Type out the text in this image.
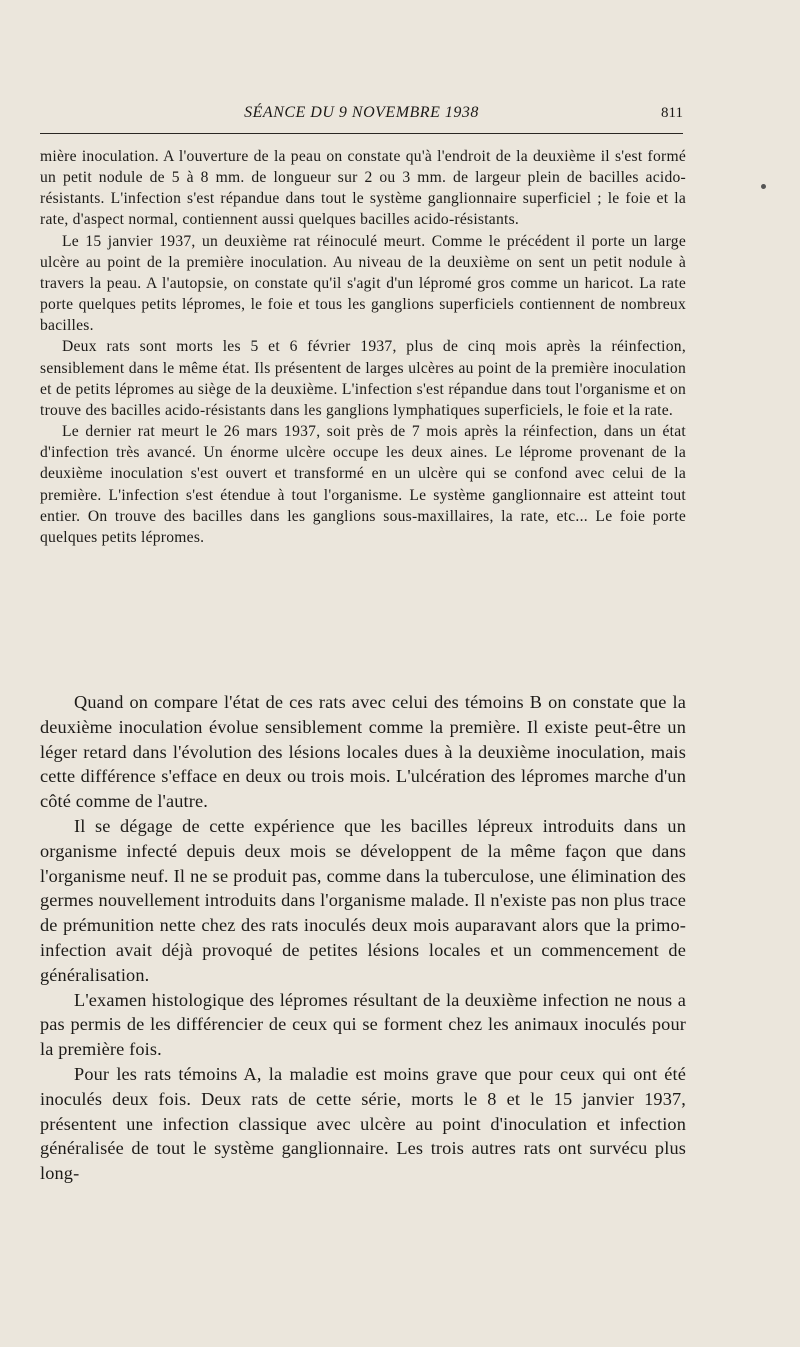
SÉANCE DU 9 NOVEMBRE 1938	811

mière inoculation. A l'ouverture de la peau on constate qu'à l'endroit de la deuxième il s'est formé un petit nodule de 5 à 8 mm. de longueur sur 2 ou 3 mm. de largeur plein de bacilles acido-résistants. L'infection s'est répandue dans tout le système ganglionnaire superficiel ; le foie et la rate, d'aspect normal, contiennent aussi quelques bacilles acido-résistants.

Le 15 janvier 1937, un deuxième rat réinoculé meurt. Comme le précédent il porte un large ulcère au point de la première inoculation. Au niveau de la deuxième on sent un petit nodule à travers la peau. A l'autopsie, on constate qu'il s'agit d'un lépromé gros comme un haricot. La rate porte quelques petits lépromes, le foie et tous les ganglions superficiels contiennent de nombreux bacilles.

Deux rats sont morts les 5 et 6 février 1937, plus de cinq mois après la réinfection, sensiblement dans le même état. Ils présentent de larges ulcères au point de la première inoculation et de petits lépromes au siège de la deuxième. L'infection s'est répandue dans tout l'organisme et on trouve des bacilles acido-résistants dans les ganglions lymphatiques superficiels, le foie et la rate.

Le dernier rat meurt le 26 mars 1937, soit près de 7 mois après la réinfection, dans un état d'infection très avancé. Un énorme ulcère occupe les deux aines. Le léprome provenant de la deuxième inoculation s'est ouvert et transformé en un ulcère qui se confond avec celui de la première. L'infection s'est étendue à tout l'organisme. Le système ganglionnaire est atteint tout entier. On trouve des bacilles dans les ganglions sous-maxillaires, la rate, etc... Le foie porte quelques petits lépromes.

Quand on compare l'état de ces rats avec celui des témoins B on constate que la deuxième inoculation évolue sensiblement comme la première. Il existe peut-être un léger retard dans l'évolution des lésions locales dues à la deuxième inoculation, mais cette différence s'efface en deux ou trois mois. L'ulcération des lépromes marche d'un côté comme de l'autre.

Il se dégage de cette expérience que les bacilles lépreux introduits dans un organisme infecté depuis deux mois se développent de la même façon que dans l'organisme neuf. Il ne se produit pas, comme dans la tuberculose, une élimination des germes nouvellement introduits dans l'organisme malade. Il n'existe pas non plus trace de prémunition nette chez des rats inoculés deux mois auparavant alors que la primo-infection avait déjà provoqué de petites lésions locales et un commencement de généralisation.

L'examen histologique des lépromes résultant de la deuxième infection ne nous a pas permis de les différencier de ceux qui se forment chez les animaux inoculés pour la première fois.

Pour les rats témoins A, la maladie est moins grave que pour ceux qui ont été inoculés deux fois. Deux rats de cette série, morts le 8 et le 15 janvier 1937, présentent une infection classique avec ulcère au point d'inoculation et infection généralisée de tout le système ganglionnaire. Les trois autres rats ont survécu plus long-
